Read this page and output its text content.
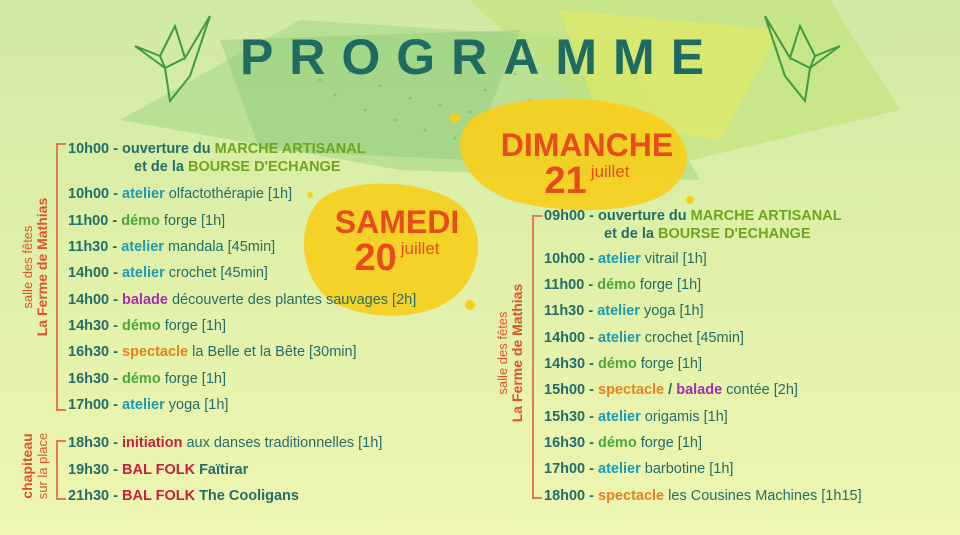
PROGRAMME
SAMEDI
20 juillet
DIMANCHE
21 juillet
salle des fêtes La Ferme de Mathias
chapiteau sur la place
salle des fêtes La Ferme de Mathias
10h00 - ouverture du MARCHE ARTISANAL
et de la BOURSE D'ECHANGE
10h00 - atelier olfactothérapie [1h]
11h00 - démo forge [1h]
11h30 - atelier mandala [45min]
14h00 - atelier crochet [45min]
14h00 - balade découverte des plantes sauvages [2h]
14h30 - démo forge [1h]
16h30 - spectacle la Belle et la Bête [30min]
16h30 - démo forge [1h]
17h00 - atelier yoga [1h]
18h30 - initiation aux danses traditionnelles [1h]
19h30 - BAL FOLK Faïtirar
21h30 - BAL FOLK The Cooligans
09h00 - ouverture du MARCHE ARTISANAL
et de la BOURSE D'ECHANGE
10h00 - atelier vitrail [1h]
11h00 - démo forge [1h]
11h30 - atelier yoga [1h]
14h00 - atelier crochet [45min]
14h30 - démo forge [1h]
15h00 - spectacle / balade contée [2h]
15h30 - atelier origamis [1h]
16h30 - démo forge [1h]
17h00 - atelier barbotine [1h]
18h00 - spectacle les Cousines Machines [1h15]
